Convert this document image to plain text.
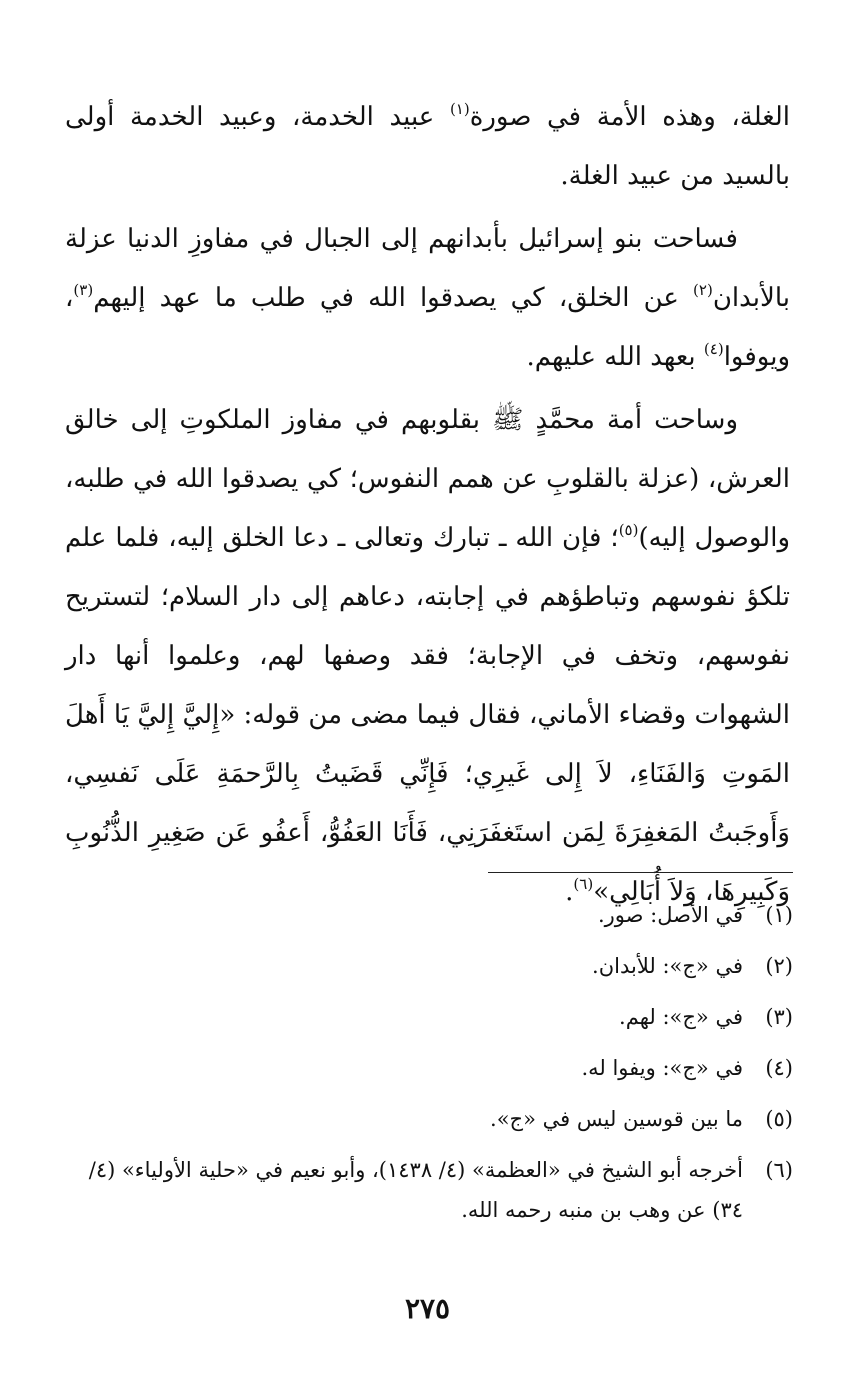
الغلة، وهذه الأمة في صورة$^{(١)}$ عبيد الخدمة، وعبيد الخدمة أولى بالسيد من عبيد الغلة.

فساحت بنو إسرائيل بأبدانهم إلى الجبال في مفاوزِ الدنيا عزلة بالأبدان$^{(٢)}$ عن الخلق، كي يصدقوا الله في طلب ما عهد إليهم$^{(٣)}$، ويوفوا$^{(٤)}$ بعهد الله عليهم.

وساحت أمة محمَّدٍ ﷺ بقلوبهم في مفاوز الملكوتِ إلى خالق العرش، (عزلة بالقلوبِ عن همم النفوس؛ كي يصدقوا الله في طلبه، والوصول إليه)$^{(٥)}$؛ فإن الله ـ تبارك وتعالى ـ دعا الخلق إليه، فلما علم تلكؤ نفوسهم وتباطؤهم في إجابته، دعاهم إلى دار السلام؛ لتستريح نفوسهم، وتخف في الإجابة؛ فقد وصفها لهم، وعلموا أنها دار الشهوات وقضاء الأماني، فقال فيما مضى من قوله: «إِليَّ إِليَّ يَا أَهلَ المَوتِ وَالفَنَاءِ، لاَ إِلى غَيرِي؛ فَإِنِّي قَضَيتُ بِالرَّحمَةِ عَلَى نَفسِي، وَأَوجَبتُ المَغفِرَةَ لِمَن استَغفَرَنِي، فَأَنَا العَفُوُّ، أَعفُو عَن صَغِيرِ الذُّنُوبِ وَكَبِيرِهَا، وَلاَ أُبَالِي»$^{(٦)}$.

(١)
في الأصل: صور.
(٢)
في «ج»: للأبدان.
(٣)
في «ج»: لهم.
(٤)
في «ج»: ويفوا له.
(٥)
ما بين قوسين ليس في «ج».
(٦)
أخرجه أبو الشيخ في «العظمة» (٤/ ١٤٣٨)، وأبو نعيم في «حلية الأولياء» (٤/ ٣٤) عن وهب بن منبه رحمه الله.
٢٧٥
